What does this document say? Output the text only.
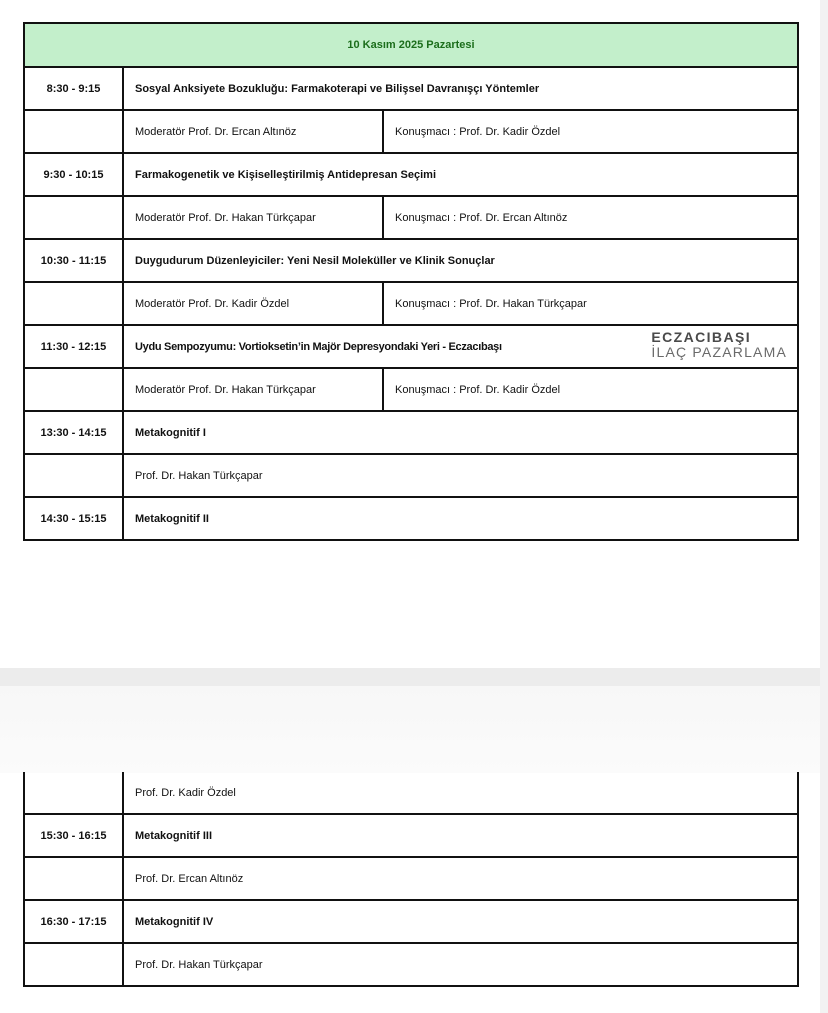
10 Kasım 2025 Pazartesi		
8:30 - 9:15	Sosyal Anksiyete Bozukluğu: Farmakoterapi ve Bilişsel Davranışçı Yöntemler	
	Moderatör Prof. Dr. Ercan Altınöz	Konuşmacı : Prof. Dr. Kadir Özdel
9:30 - 10:15	Farmakogenetik ve Kişiselleştirilmiş Antidepresan Seçimi	
	Moderatör Prof. Dr. Hakan Türkçapar	Konuşmacı : Prof. Dr. Ercan Altınöz
10:30 - 11:15	Duygudurum Düzenleyiciler: Yeni Nesil Moleküller ve Klinik Sonuçlar	
	Moderatör Prof. Dr. Kadir Özdel	Konuşmacı : Prof. Dr. Hakan Türkçapar
11:30 - 12:15	Uydu Sempozyumu: Vortioksetin’in Majör Depresyondaki Yeri - Eczacıbaşı
ECZACIBAŞI
İLAÇ PAZARLAMA	

	Moderatör Prof. Dr. Hakan Türkçapar	Konuşmacı : Prof. Dr. Kadir Özdel
13:30 - 14:15	Metakognitif I	
	Prof. Dr. Hakan Türkçapar	
14:30 - 15:15	Metakognitif II	
	Prof. Dr. Kadir Özdel
15:30 - 16:15	Metakognitif III
	Prof. Dr. Ercan Altınöz
16:30 - 17:15	Metakognitif IV
	Prof. Dr. Hakan Türkçapar
